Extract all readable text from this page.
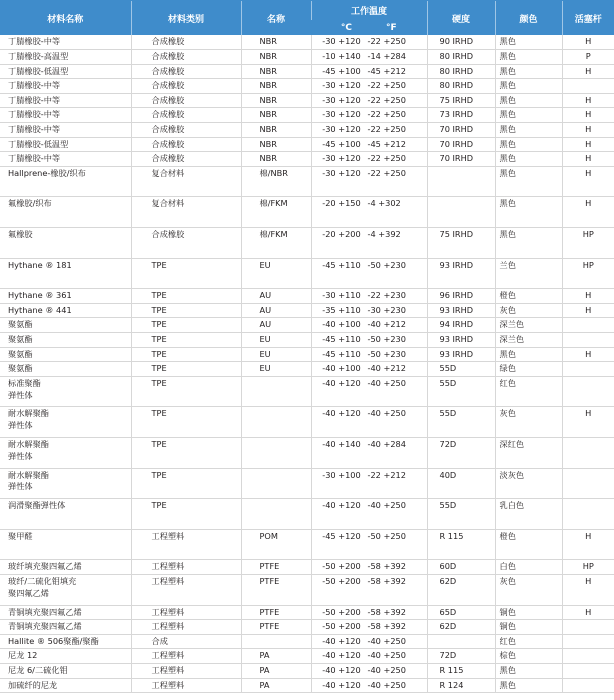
材料名称	材料类别	名称	工作温度	硬度	颜色	活塞杆

			°C °F			

丁腈橡胶-中等	合成橡胶	NBR	-30 +120 -22 +250	90 IRHD	黑色	H
丁腈橡胶-高温型	合成橡胶	NBR	-10 +140 -14 +284	80 IRHD	黑色	P
丁腈橡胶-低温型	合成橡胶	NBR	-45 +100 -45 +212	80 IRHD	黑色	H
丁腈橡胶-中等	合成橡胶	NBR	-30 +120 -22 +250	80 IRHD	黑色	
丁腈橡胶-中等	合成橡胶	NBR	-30 +120 -22 +250	75 IRHD	黑色	H
丁腈橡胶-中等	合成橡胶	NBR	-30 +120 -22 +250	73 IRHD	黑色	H
丁腈橡胶-中等	合成橡胶	NBR	-30 +120 -22 +250	70 IRHD	黑色	H
丁腈橡胶-低温型	合成橡胶	NBR	-45 +100 -45 +212	70 IRHD	黑色	H
丁腈橡胶-中等	合成橡胶	NBR	-30 +120 -22 +250	70 IRHD	黑色	H
Hallprene-橡胶/织布	复合材料	棉/NBR	-30 +120 -22 +250		黑色	H
氟橡胶/织布	复合材料	棉/FKM	-20 +150 -4 +302		黑色	H
氟橡胶	合成橡胶	棉/FKM	-20 +200 -4 +392	75 IRHD	黑色	HP
Hythane ® 181	TPE	EU	-45 +110 -50 +230	93 IRHD	兰色	HP
Hythane ® 361	TPE	AU	-30 +110 -22 +230	96 IRHD	橙色	H
Hythane ® 441	TPE	AU	-35 +110 -30 +230	93 IRHD	灰色	H
聚氨酯	TPE	AU	-40 +100 -40 +212	94 IRHD	深兰色	
聚氨酯	TPE	EU	-45 +110 -50 +230	93 IRHD	深兰色	
聚氨酯	TPE	EU	-45 +110 -50 +230	93 IRHD	黑色	H
聚氨酯	TPE	EU	-40 +100 -40 +212	55D	绿色	
标准聚酯
弹性体	TPE		-40 +120 -40 +250	55D	红色	
耐水解聚酯
弹性体	TPE		-40 +120 -40 +250	55D	灰色	H
耐水解聚酯
弹性体	TPE		-40 +140 -40 +284	72D	深红色	
耐水解聚酯
弹性体	TPE		-30 +100 -22 +212	40D	淡灰色	
润滑聚酯弹性体	TPE		-40 +120 -40 +250	55D	乳白色	
聚甲醛	工程塑料	POM	-45 +120 -50 +250	R 115	橙色	H
玻纤填充聚四氟乙烯	工程塑料	PTFE	-50 +200 -58 +392	60D	白色	HP
玻纤/二硫化钼填充
聚四氟乙烯	工程塑料	PTFE	-50 +200 -58 +392	62D	灰色	H
青铜填充聚四氟乙烯	工程塑料	PTFE	-50 +200 -58 +392	65D	铜色	H
青铜填充聚四氟乙烯	工程塑料	PTFE	-50 +200 -58 +392	62D	铜色	
Hallite ® 506聚酯/聚酯	合成		-40 +120 -40 +250		红色	
尼龙 12	工程塑料	PA	-40 +120 -40 +250	72D	棕色	
尼龙 6/二硫化钼	工程塑料	PA	-40 +120 -40 +250	R 115	黑色	
加硫纤的尼龙	工程塑料	PA	-40 +120 -40 +250	R 124	黑色	
